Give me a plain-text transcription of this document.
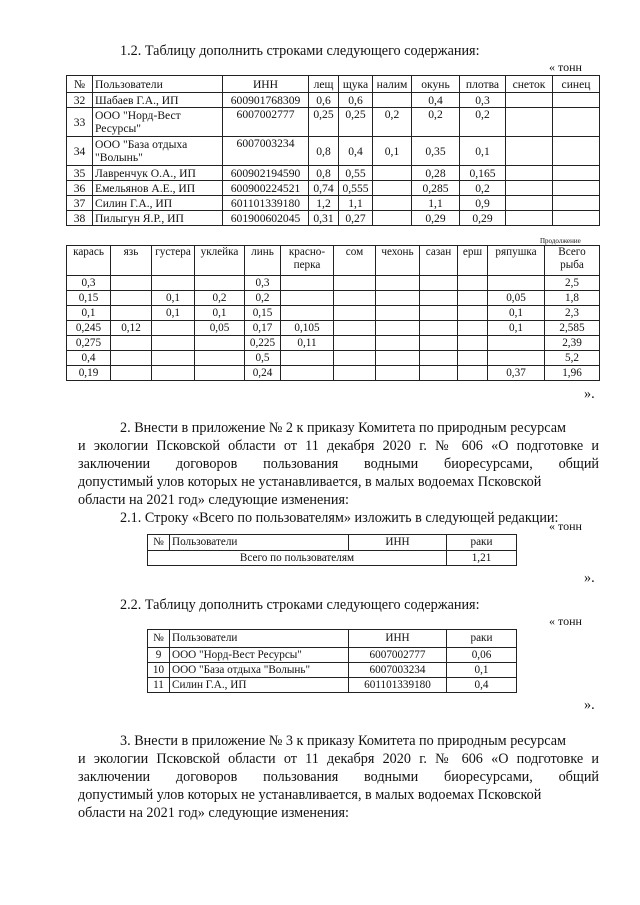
1.2. Таблицу дополнить строками следующего содержания:
« тонн
№	Пользователи	ИНН	лещ	щука	налим	окунь	плотва	снеток	синец
32	Шабаев Г.А., ИП	600901768309	0,6	0,6		0,4	0,3		
33	ООО "Норд-Вест Ресурсы"	6007002777	0,25	0,25	0,2	0,2	0,2		
34	ООО "База отдыха "Волынь"	6007003234	0,8	0,4	0,1	0,35	0,1		
35	Лавренчук О.А., ИП	600902194590	0,8	0,55		0,28	0,165		
36	Емельянов А.Е., ИП	600900224521	0,74	0,555		0,285	0,2		
37	Силин Г.А., ИП	601101339180	1,2	1,1		1,1	0,9		
38	Пилыгун Я.Р., ИП	601900602045	0,31	0,27		0,29	0,29		
Продолжение
карась	язь	густера	уклейка	линь	красно-перка	сом	чехонь	сазан	ерш	ряпушка	Всего рыба
0,3				0,3							2,5
0,15		0,1	0,2	0,2						0,05	1,8
0,1		0,1	0,1	0,15						0,1	2,3
0,245	0,12		0,05	0,17	0,105					0,1	2,585
0,275				0,225	0,11						2,39
0,4				0,5							5,2
0,19				0,24						0,37	1,96
».
2. Внести в приложение № 2 к приказу Комитета по природным ресурсам
и экологии Псковской области от 11 декабря 2020 г. № 606 «О подготовке и
заключении договоров пользования водными биоресурсами, общий
допустимый улов которых не устанавливается, в малых водоемах Псковской
области на 2021 год» следующие изменения:
2.1. Строку «Всего по пользователям» изложить в следующей редакции:
« тонн
№	Пользователи	ИНН	раки
Всего по пользователям			1,21
».
2.2. Таблицу дополнить строками следующего содержания:
« тонн
№	Пользователи	ИНН	раки
9	ООО "Норд-Вест Ресурсы"	6007002777	0,06
10	ООО "База отдыха "Волынь"	6007003234	0,1
11	Силин Г.А., ИП	601101339180	0,4
».
3. Внести в приложение № 3 к приказу Комитета по природным ресурсам
и экологии Псковской области от 11 декабря 2020 г. № 606 «О подготовке и
заключении договоров пользования водными биоресурсами, общий
допустимый улов которых не устанавливается, в малых водоемах Псковской
области на 2021 год» следующие изменения:
